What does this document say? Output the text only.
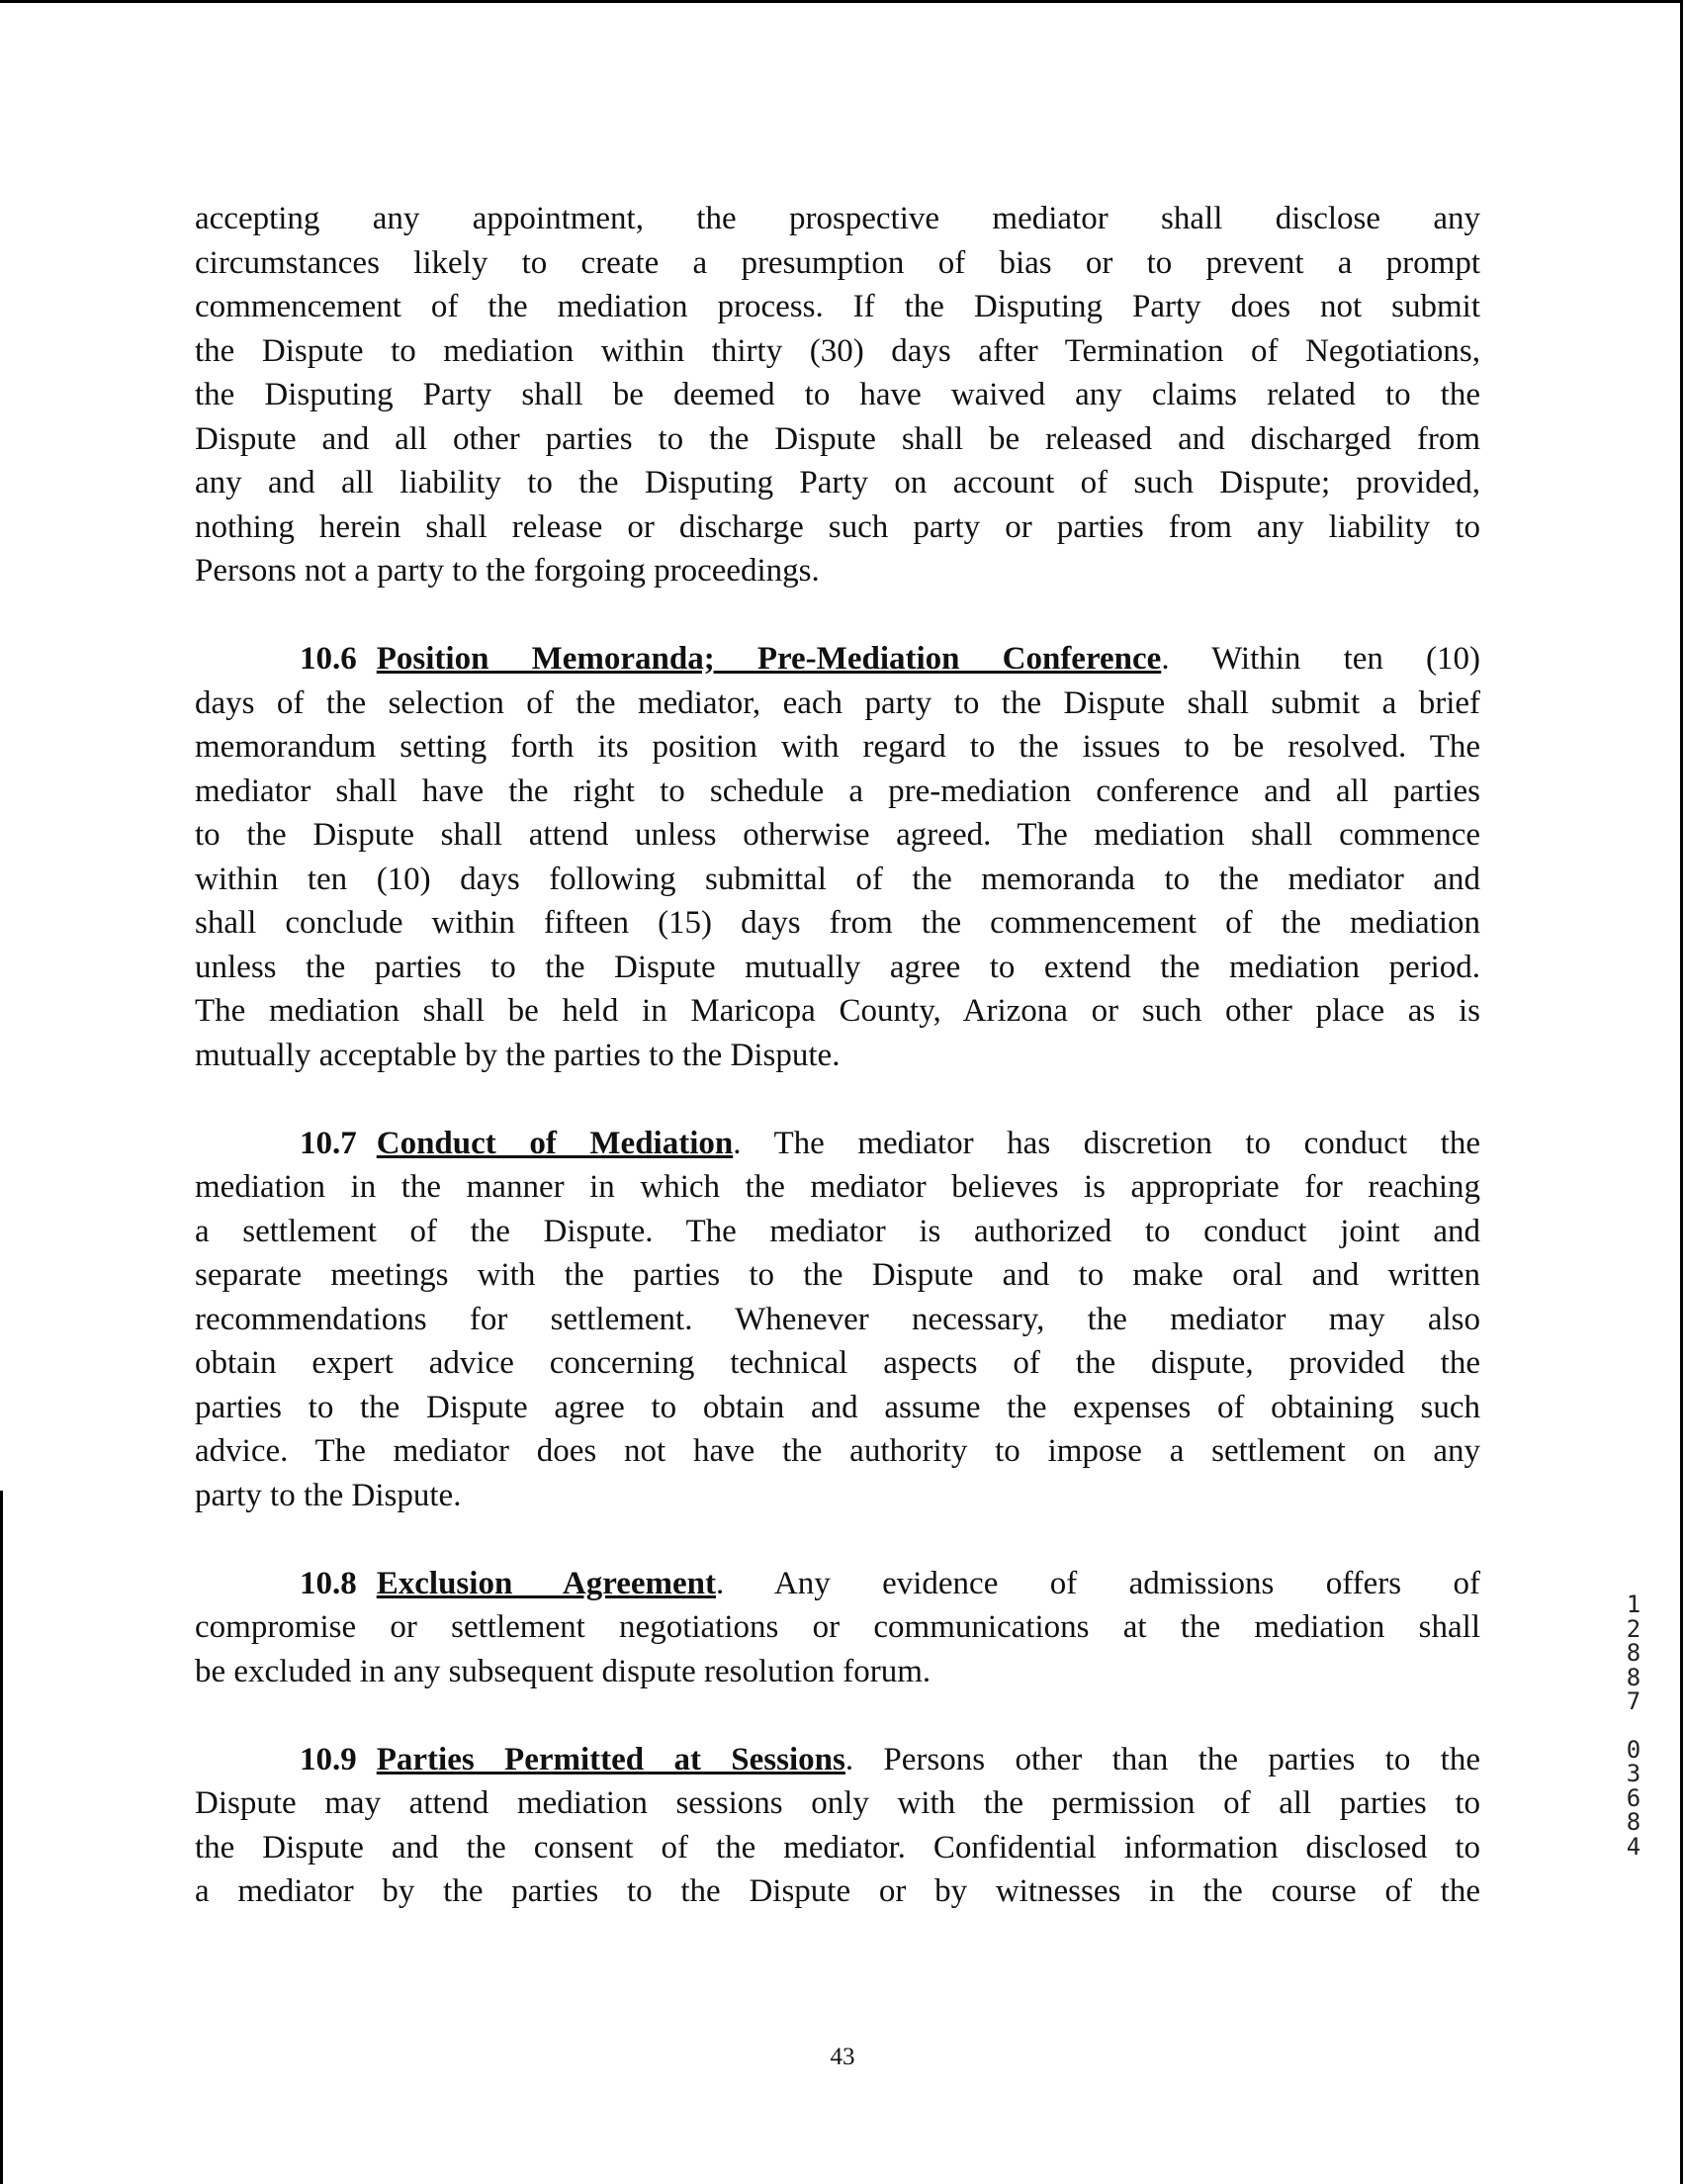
accepting any appointment, the prospective mediator shall disclose any
circumstances likely to create a presumption of bias or to prevent a prompt
commencement of the mediation process. If the Disputing Party does not submit
the Dispute to mediation within thirty (30) days after Termination of Negotiations,
the Disputing Party shall be deemed to have waived any claims related to the
Dispute and all other parties to the Dispute shall be released and discharged from
any and all liability to the Disputing Party on account of such Dispute; provided,
nothing herein shall release or discharge such party or parties from any liability to
Persons not a party to the forgoing proceedings.
10.6 Position Memoranda; Pre-Mediation Conference. Within ten (10)
days of the selection of the mediator, each party to the Dispute shall submit a brief
memorandum setting forth its position with regard to the issues to be resolved. The
mediator shall have the right to schedule a pre-mediation conference and all parties
to the Dispute shall attend unless otherwise agreed. The mediation shall commence
within ten (10) days following submittal of the memoranda to the mediator and
shall conclude within fifteen (15) days from the commencement of the mediation
unless the parties to the Dispute mutually agree to extend the mediation period.
The mediation shall be held in Maricopa County, Arizona or such other place as is
mutually acceptable by the parties to the Dispute.
10.7 Conduct of Mediation. The mediator has discretion to conduct the
mediation in the manner in which the mediator believes is appropriate for reaching
a settlement of the Dispute. The mediator is authorized to conduct joint and
separate meetings with the parties to the Dispute and to make oral and written
recommendations for settlement. Whenever necessary, the mediator may also
obtain expert advice concerning technical aspects of the dispute, provided the
parties to the Dispute agree to obtain and assume the expenses of obtaining such
advice. The mediator does not have the authority to impose a settlement on any
party to the Dispute.
10.8 Exclusion Agreement. Any evidence of admissions offers of
compromise or settlement negotiations or communications at the mediation shall
be excluded in any subsequent dispute resolution forum.
10.9 Parties Permitted at Sessions. Persons other than the parties to the
Dispute may attend mediation sessions only with the permission of all parties to
the Dispute and the consent of the mediator. Confidential information disclosed to
a mediator by the parties to the Dispute or by witnesses in the course of the
43
1
2
8
8
7
0
3
6
8
4
